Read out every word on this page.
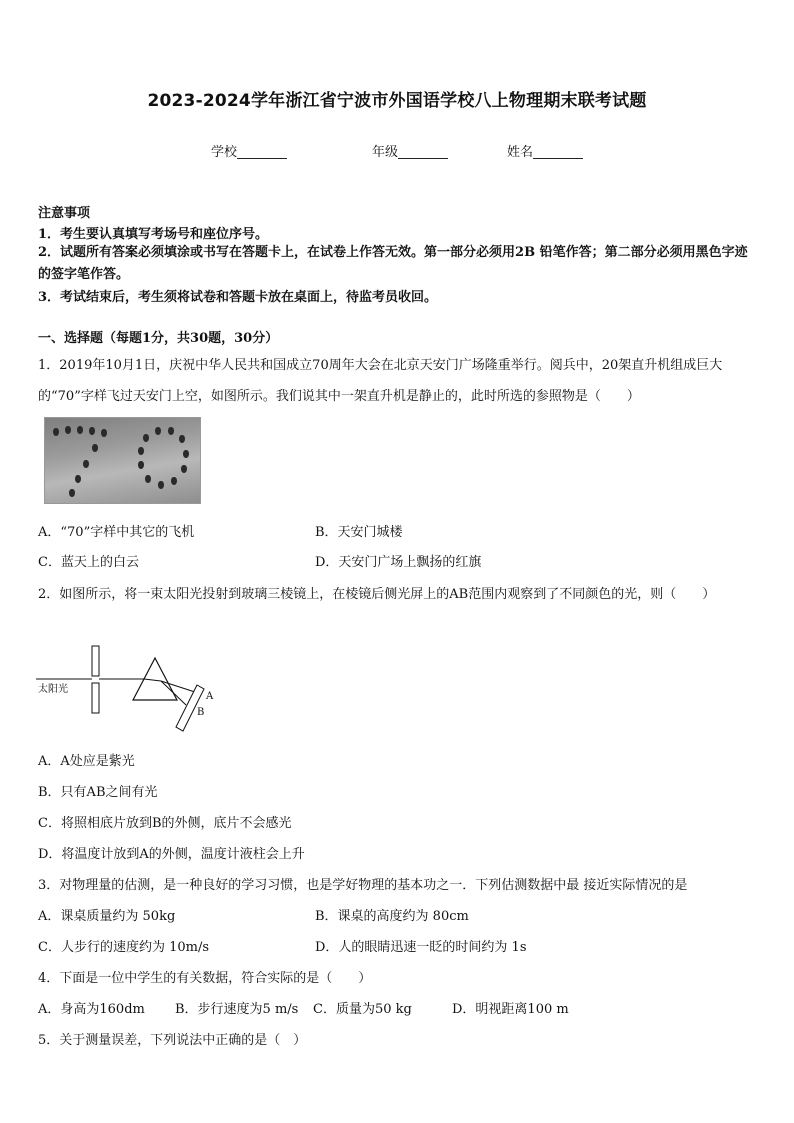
2023-2024学年浙江省宁波市外国语学校八上物理期末联考试题
学校	年级	姓名
注意事项
1．考生要认真填写考场号和座位序号。
2．试题所有答案必须填涂或书写在答题卡上，在试卷上作答无效。第一部分必须用2B 铅笔作答；第二部分必须用黑色字迹的签字笔作答。
3．考试结束后，考生须将试卷和答题卡放在桌面上，待监考员收回。
一、选择题（每题1分，共30题，30分）
1．2019年10月1日，庆祝中华人民共和国成立70周年大会在北京天安门广场隆重举行。阅兵中，20架直升机组成巨大的“70”字样飞过天安门上空，如图所示。我们说其中一架直升机是静止的，此时所选的参照物是（　　）
A．“70”字样中其它的飞机	B．天安门城楼
C．蓝天上的白云	D．天安门广场上飘扬的红旗
2．如图所示，将一束太阳光投射到玻璃三棱镜上，在棱镜后侧光屏上的AB范围内观察到了不同颜色的光，则（　　）
太阳光
A
B
A．A处应是紫光
B．只有AB之间有光
C．将照相底片放到B的外侧，底片不会感光
D．将温度计放到A的外侧，温度计液柱会上升
3．对物理量的估测，是一种良好的学习习惯，也是学好物理的基本功之一．下列估测数据中最 接近实际情况的是
A．课桌质量约为 50kg	B．课桌的高度约为 80cm
C．人步行的速度约为 10m/s	D．人的眼睛迅速一眨的时间约为 1s
4．下面是一位中学生的有关数据，符合实际的是（　　）
A．身高为160dm B．步行速度为5 m/s C．质量为50 kg	D．明视距离100 m
5．关于测量误差，下列说法中正确的是（　）
